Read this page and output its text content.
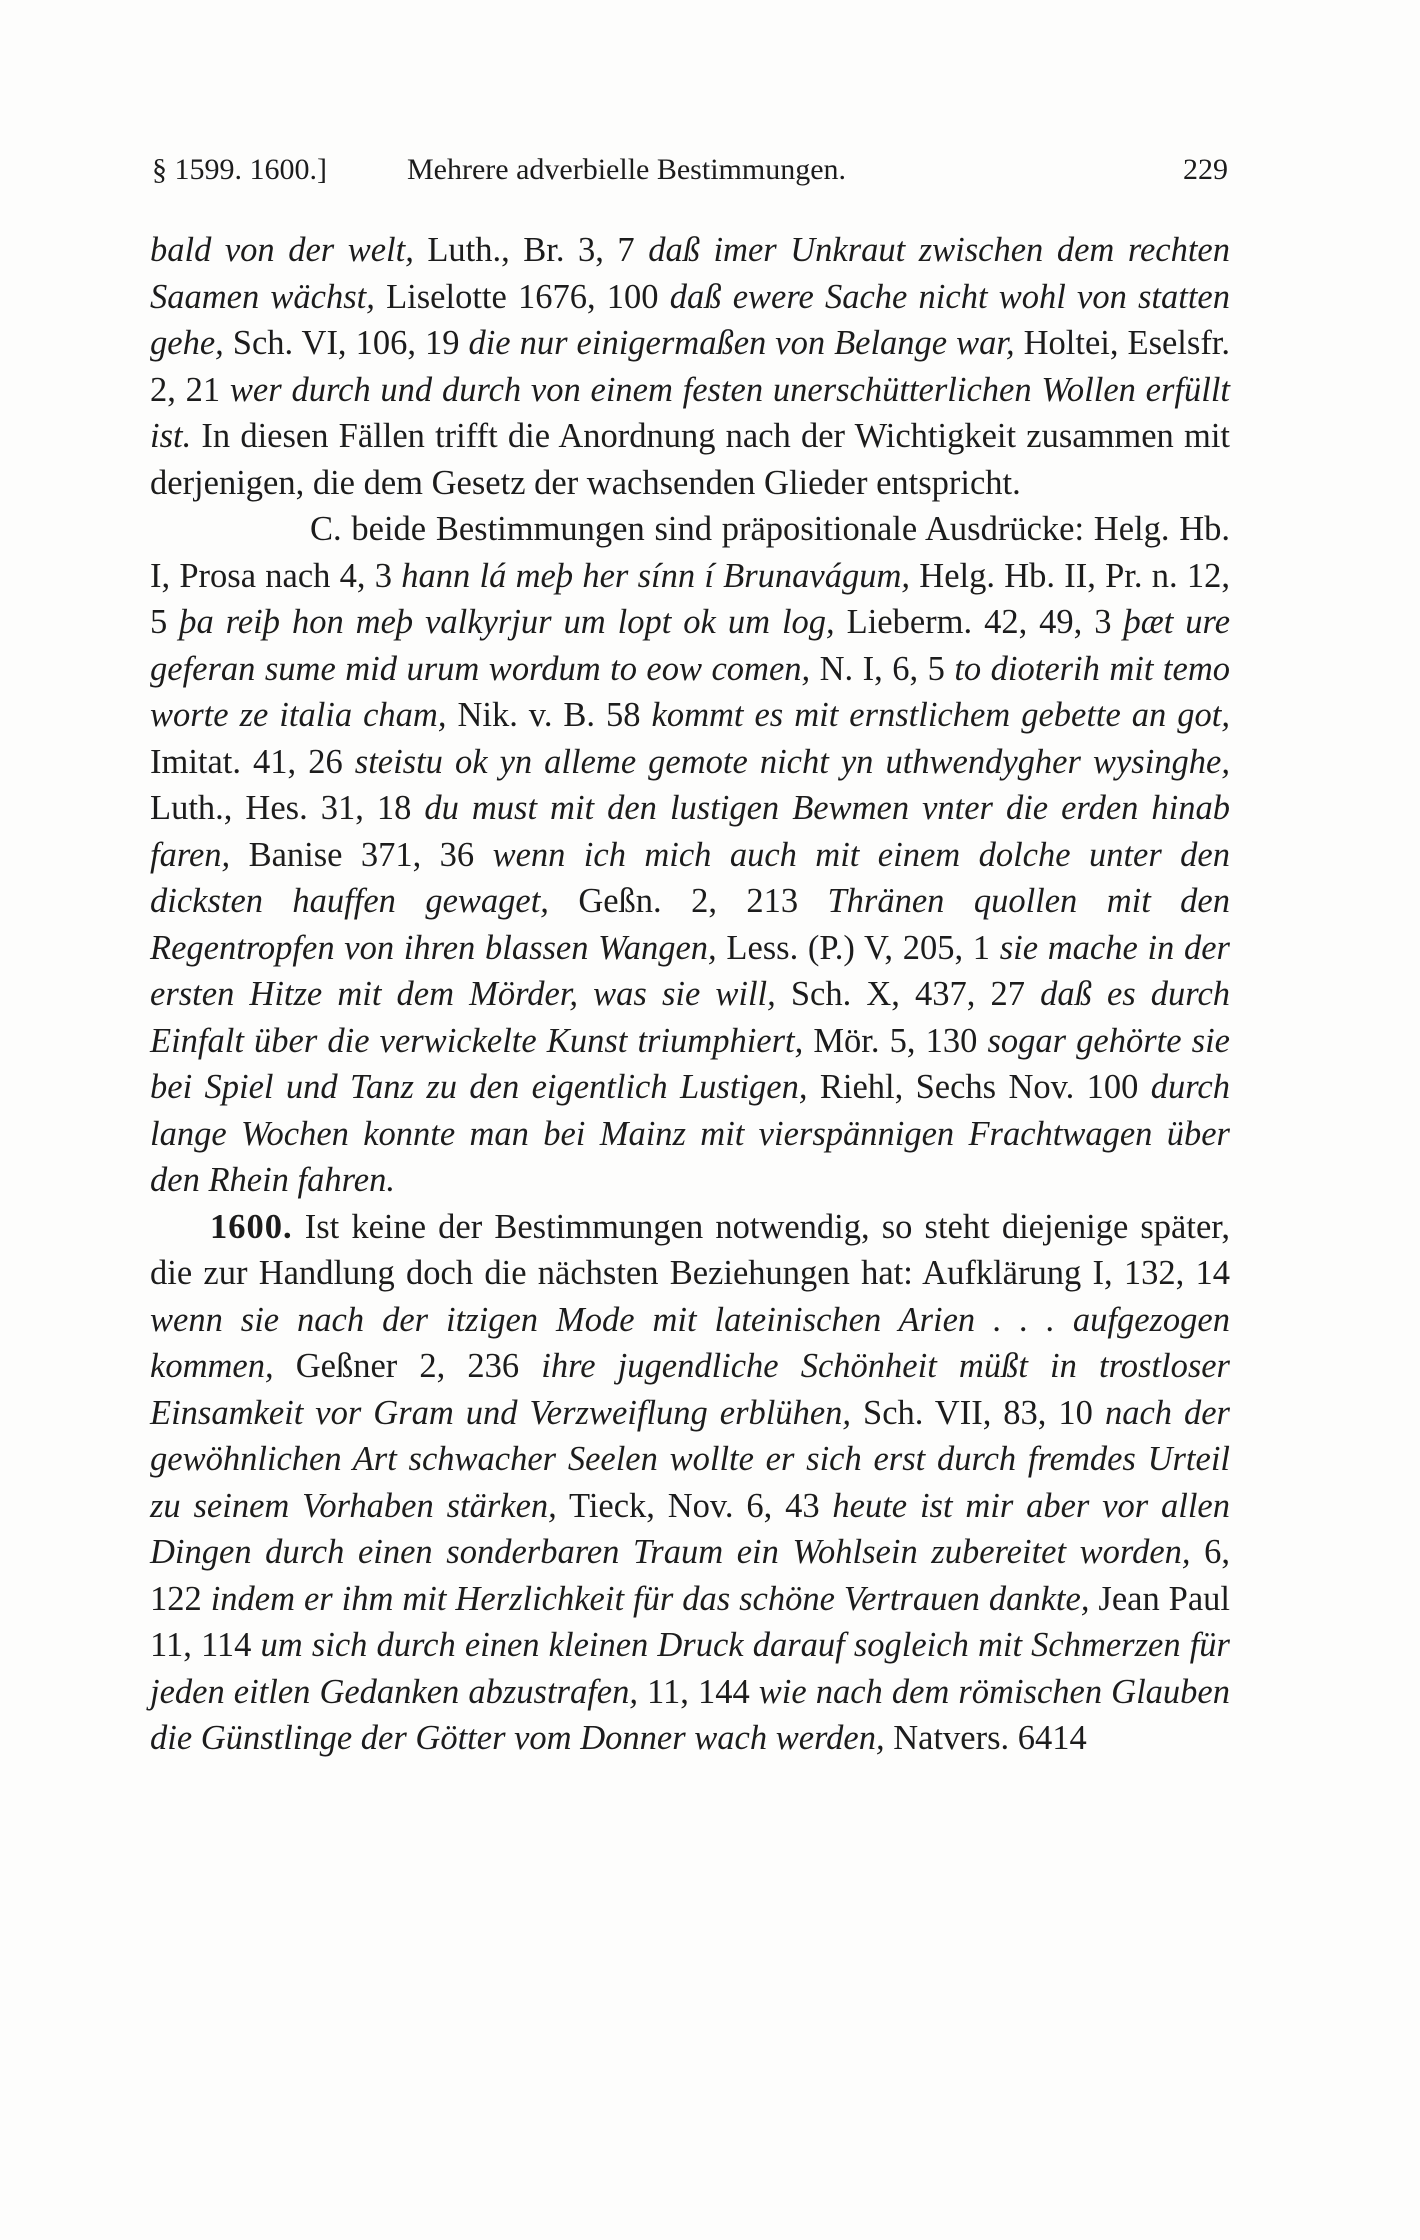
§ 1599. 1600.]	Mehrere adverbielle Bestimmungen.	229

bald von der welt, Luth., Br. 3, 7 daß imer Unkraut zwischen dem rechten Saamen wächst, Liselotte 1676, 100 daß ewere Sache nicht wohl von statten gehe, Sch. VI, 106, 19 die nur einigermaßen von Belange war, Holtei, Eselsfr. 2, 21 wer durch und durch von einem festen unerschütterlichen Wollen erfüllt ist. In diesen Fällen trifft die Anordnung nach der Wichtigkeit zusammen mit derjenigen, die dem Gesetz der wachsenden Glieder entspricht.

C. beide Bestimmungen sind präpositionale Ausdrücke: Helg. Hb. I, Prosa nach 4, 3 hann lá meþ her sínn í Brunavágum, Helg. Hb. II, Pr. n. 12, 5 þa reiþ hon meþ valkyrjur um lopt ok um log, Lieberm. 42, 49, 3 þæt ure geferan sume mid urum wordum to eow comen, N. I, 6, 5 to dioterih mit temo worte ze italia cham, Nik. v. B. 58 kommt es mit ernstlichem gebette an got, Imitat. 41, 26 steistu ok yn alleme gemote nicht yn uthwendygher wysinghe, Luth., Hes. 31, 18 du must mit den lustigen Bewmen vnter die erden hinab faren, Banise 371, 36 wenn ich mich auch mit einem dolche unter den dicksten hauffen gewaget, Geßn. 2, 213 Thränen quollen mit den Regentropfen von ihren blassen Wangen, Less. (P.) V, 205, 1 sie mache in der ersten Hitze mit dem Mörder, was sie will, Sch. X, 437, 27 daß es durch Einfalt über die verwickelte Kunst triumphiert, Mör. 5, 130 sogar gehörte sie bei Spiel und Tanz zu den eigentlich Lustigen, Riehl, Sechs Nov. 100 durch lange Wochen konnte man bei Mainz mit vierspännigen Frachtwagen über den Rhein fahren.

1600. Ist keine der Bestimmungen notwendig, so steht diejenige später, die zur Handlung doch die nächsten Beziehungen hat: Aufklärung I, 132, 14 wenn sie nach der itzigen Mode mit lateinischen Arien . . . aufgezogen kommen, Geßner 2, 236 ihre jugendliche Schönheit müßt in trostloser Einsamkeit vor Gram und Verzweiflung erblühen, Sch. VII, 83, 10 nach der gewöhnlichen Art schwacher Seelen wollte er sich erst durch fremdes Urteil zu seinem Vorhaben stärken, Tieck, Nov. 6, 43 heute ist mir aber vor allen Dingen durch einen sonderbaren Traum ein Wohlsein zubereitet worden, 6, 122 indem er ihm mit Herzlichkeit für das schöne Vertrauen dankte, Jean Paul 11, 114 um sich durch einen kleinen Druck darauf sogleich mit Schmerzen für jeden eitlen Gedanken abzustrafen, 11, 144 wie nach dem römischen Glauben die Günstlinge der Götter vom Donner wach werden, Natvers. 6414
